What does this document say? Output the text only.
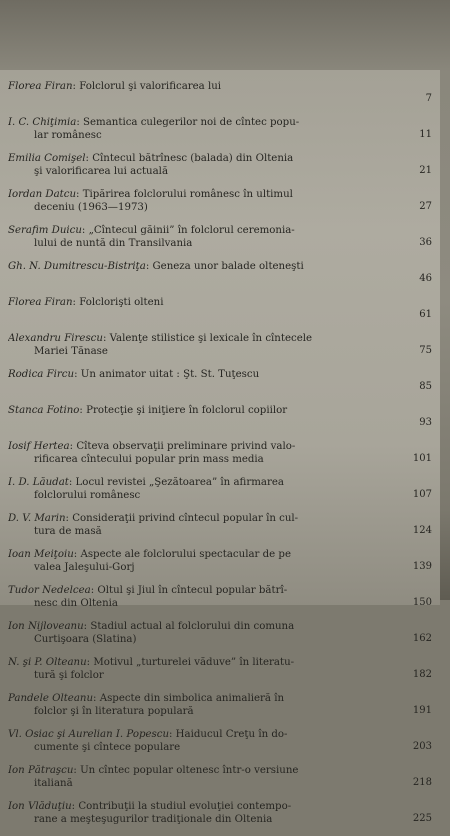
Florea Firan: Folclorul şi valorificarea lui
7
I. C. Chiţimia: Semantica culegerilor noi de cîntec popu-
lar românesc	11
Emilia Comişel: Cîntecul bătrînesc (balada) din Oltenia
şi valorificarea lui actuală	21
Iordan Datcu: Tipărirea folclorului românesc în ultimul
deceniu (1963—1973)	27
Serafim Duicu: „Cîntecul găinii” în folclorul ceremonia-
lului de nuntă din Transilvania	36
Gh. N. Dumitrescu-Bistriţa: Geneza unor balade olteneşti
46
Florea Firan: Folclorişti olteni
61
Alexandru Firescu: Valenţe stilistice şi lexicale în cîntecele
Mariei Tănase	75
Rodica Fircu: Un animator uitat : Şt. St. Tuţescu
85
Stanca Fotino: Protecţie şi iniţiere în folclorul copiilor
93
Iosif Hertea: Cîteva observaţii preliminare privind valo-
rificarea cîntecului popular prin mass media	101
I. D. Lăudat: Locul revistei „Şezătoarea” în afirmarea
folclorului românesc	107
D. V. Marin: Consideraţii privind cîntecul popular în cul-
tura de masă	124
Ioan Meiţoiu: Aspecte ale folclorului spectacular de pe
valea Jaleşului-Gorj	139
Tudor Nedelcea: Oltul şi Jiul în cîntecul popular bătrî-
nesc din Oltenia	150
Ion Nijloveanu: Stadiul actual al folclorului din comuna
Curtişoara (Slatina)	162
N. şi P. Olteanu: Motivul „turturelei văduve” în literatu-
tură şi folclor	182
Pandele Olteanu: Aspecte din simbolica animalieră în
folclor şi în literatura populară	191
Vl. Osiac şi Aurelian I. Popescu: Haiducul Creţu în do-
cumente şi cîntece populare	203
Ion Pătraşcu: Un cîntec popular oltenesc într-o versiune
italiană	218
Ion Vlăduţiu: Contribuţii la studiul evoluţiei contempo-
rane a meşteşugurilor tradiţionale din Oltenia	225
